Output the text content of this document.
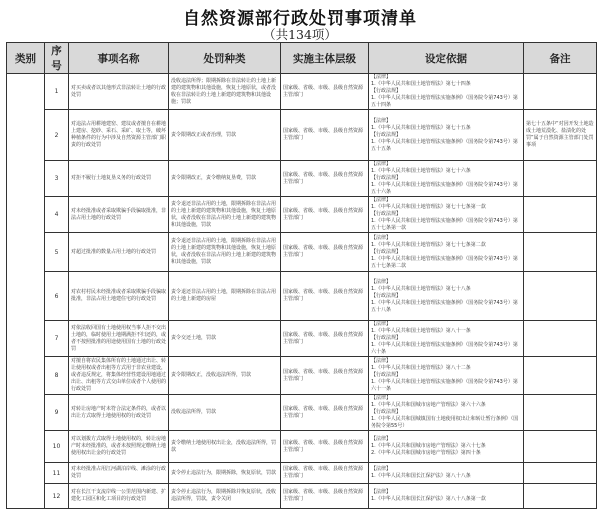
自然资源部行政处罚事项清单
（共134项）
类别	序号	事项名称	处罚种类	实施主体层级	设定依据	备注
	1	对买卖或者以其他形式非法转让土地的行政处罚	没收违法所得；限期拆除在非法转让的土地上新建的建筑物和其他设施，恢复土地原状，或者没收在非法转让的土地上新建的建筑物和其他设施；罚款	国家级、省级、市级、县级自然资源主管部门	【法律】
1.《中华人民共和国土地管理法》第七十四条
【行政法规】
1.《中华人民共和国土地管理法实施条例》（国务院令第743号）第五十四条	

	2	对违法占用耕地建窑、建坟或者擅自在耕地上建房、挖砂、采石、采矿、取土等，破坏种植条件的行为中涉及自然资源主管部门职责的行政处罚	责令限期改正或者治理，罚款	国家级、省级、市级、县级自然资源主管部门	【法律】
1.《中华人民共和国土地管理法》第七十五条
【行政法规】
1.《中华人民共和国土地管理法实施条例》（国务院令第743号）第五十五条	第七十五条中“对因开发土地造成土地荒漠化、盐渍化的处罚”属于自然资源主管部门处罚事项
	3	对拒不履行土地复垦义务的行政处罚	责令限期改正，责令缴纳复垦费，罚款	国家级、省级、市级、县级自然资源主管部门	【法律】
1.《中华人民共和国土地管理法》第七十六条
【行政法规】
1.《中华人民共和国土地管理法实施条例》（国务院令第743号）第五十六条	

	4	对未经批准或者采取欺骗手段骗取批准，非法占用土地的行政处罚	责令退还非法占用的土地，限期拆除在非法占用的土地上新建的建筑物和其他设施，恢复土地原状，或者没收在非法占用的土地上新建的建筑物和其他设施，罚款	国家级、省级、市级、县级自然资源主管部门	【法律】
1.《中华人民共和国土地管理法》第七十七条第一款
【行政法规】
1.《中华人民共和国土地管理法实施条例》（国务院令第743号）第五十七条第一款	

	5	对超过批准的数量占用土地的行政处罚	责令退还非法占用的土地，限期拆除在非法占用的土地上新建的建筑物和其他设施，恢复土地原状，或者没收在非法占用的土地上新建的建筑物和其他设施，罚款	国家级、省级、市级、县级自然资源主管部门	【法律】
1.《中华人民共和国土地管理法》第七十七条第二款
【行政法规】
1.《中华人民共和国土地管理法实施条例》（国务院令第743号）第五十七条第二款	

	6	对农村村民未经批准或者采取欺骗手段骗取批准，非法占用土地建住宅的行政处罚	责令退还非法占用的土地，限期拆除在非法占用的土地上新建的房屋	国家级、省级、市级、县级自然资源主管部门	【法律】
1.《中华人民共和国土地管理法》第七十八条
【行政法规】
1.《中华人民共和国土地管理法实施条例》（国务院令第743号）第五十八条	

	7	对依法收回国有土地使用权当事人拒不交出土地的，临时使用土地期满拒不归还的，或者不按照批准的用途使用国有土地的行政处罚	责令交还土地，罚款	国家级、省级、市级、县级自然资源主管部门	【法律】
1.《中华人民共和国土地管理法》第八十一条
【行政法规】
1.《中华人民共和国土地管理法实施条例》（国务院令第743号）第六十条	

	8	对擅自将农民集体所有的土地通过出让、转让使用权或者出租等方式用于非农业建设，或者违反规定，将集体经营性建设用地通过出让、出租等方式交由单位或者个人使用的行政处罚	责令限期改正，没收违法所得，罚款	国家级、省级、市级、县级自然资源主管部门	【法律】
1.《中华人民共和国土地管理法》第八十二条
【行政法规】
1.《中华人民共和国土地管理法实施条例》（国务院令第743号）第六十一条	

	9	对转让房地产时未符合法定条件的，或者以出让方式取得土地使用权的行政处罚	没收违法所得，罚款	国家级、省级、市级、县级自然资源主管部门	【法律】
1.《中华人民共和国城市房地产管理法》第六十六条
【行政法规】
1.《中华人民共和国城镇国有土地使用权出让和转让暂行条例》（国务院令第55号）	

	10	对以划拨方式取得土地使用权的，转让房地产时未经批准的，或者未按照规定缴纳土地使用权出让金的行政处罚	责令缴纳土地使用权出让金，没收违法所得，罚款	国家级、省级、市级、县级自然资源主管部门	【法律】
1.《中华人民共和国城市房地产管理法》第六十七条
2.《中华人民共和国城市房地产管理法》第四十条	

	11	对未经批准占用江河湖泊岸线、滩涂的行政处罚	责令停止违法行为，限期拆除，恢复原状，罚款	国家级、省级、市级、县级自然资源主管部门	【法律】
1.《中华人民共和国长江保护法》第八十八条	

	12	对在长江干支流岸线一公里范围内新建、扩建化工园区和化工项目的行政处罚	责令停止违法行为，限期拆除并恢复原状，没收违法所得，罚款，责令关闭	国家级、省级、市级、县级自然资源主管部门	【法律】
1.《中华人民共和国长江保护法》第八十八条第一款	
